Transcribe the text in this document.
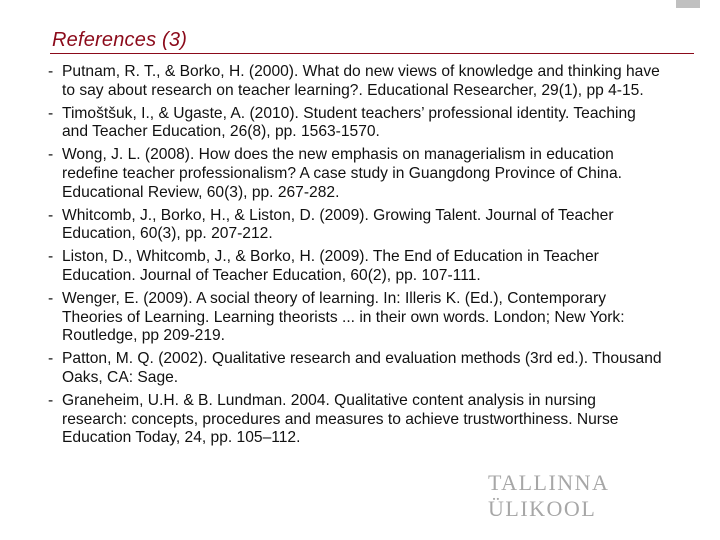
References (3)
TALLINNA ÜLIKOOL
- Putnam, R. T., & Borko, H. (2000). What do new views of knowledge and thinking have to say about research on teacher learning?. Educational Researcher, 29(1), pp 4-15.
- Timoštšuk, I., & Ugaste, A. (2010). Student teachers’ professional identity. Teaching and Teacher Education, 26(8), pp. 1563-1570.
- Wong, J. L. (2008). How does the new emphasis on managerialism in education redefine teacher professionalism? A case study in Guangdong Province of China. Educational Review, 60(3), pp. 267-282.
- Whitcomb, J., Borko, H., & Liston, D. (2009). Growing Talent. Journal of Teacher Education, 60(3), pp. 207-212.
- Liston, D., Whitcomb, J., & Borko, H. (2009). The End of Education in Teacher Education. Journal of Teacher Education, 60(2), pp. 107-111.
- Wenger, E. (2009). A social theory of learning. In: Illeris K. (Ed.), Contemporary Theories of Learning. Learning theorists ... in their own words. London; New York: Routledge, pp 209-219.
- Patton, M. Q. (2002). Qualitative research and evaluation methods (3rd ed.). Thousand Oaks, CA: Sage.
- Graneheim, U.H. & B. Lundman. 2004. Qualitative content analysis in nursing research: concepts, procedures and measures to achieve trustworthiness. Nurse Education Today, 24, pp. 105–112.
